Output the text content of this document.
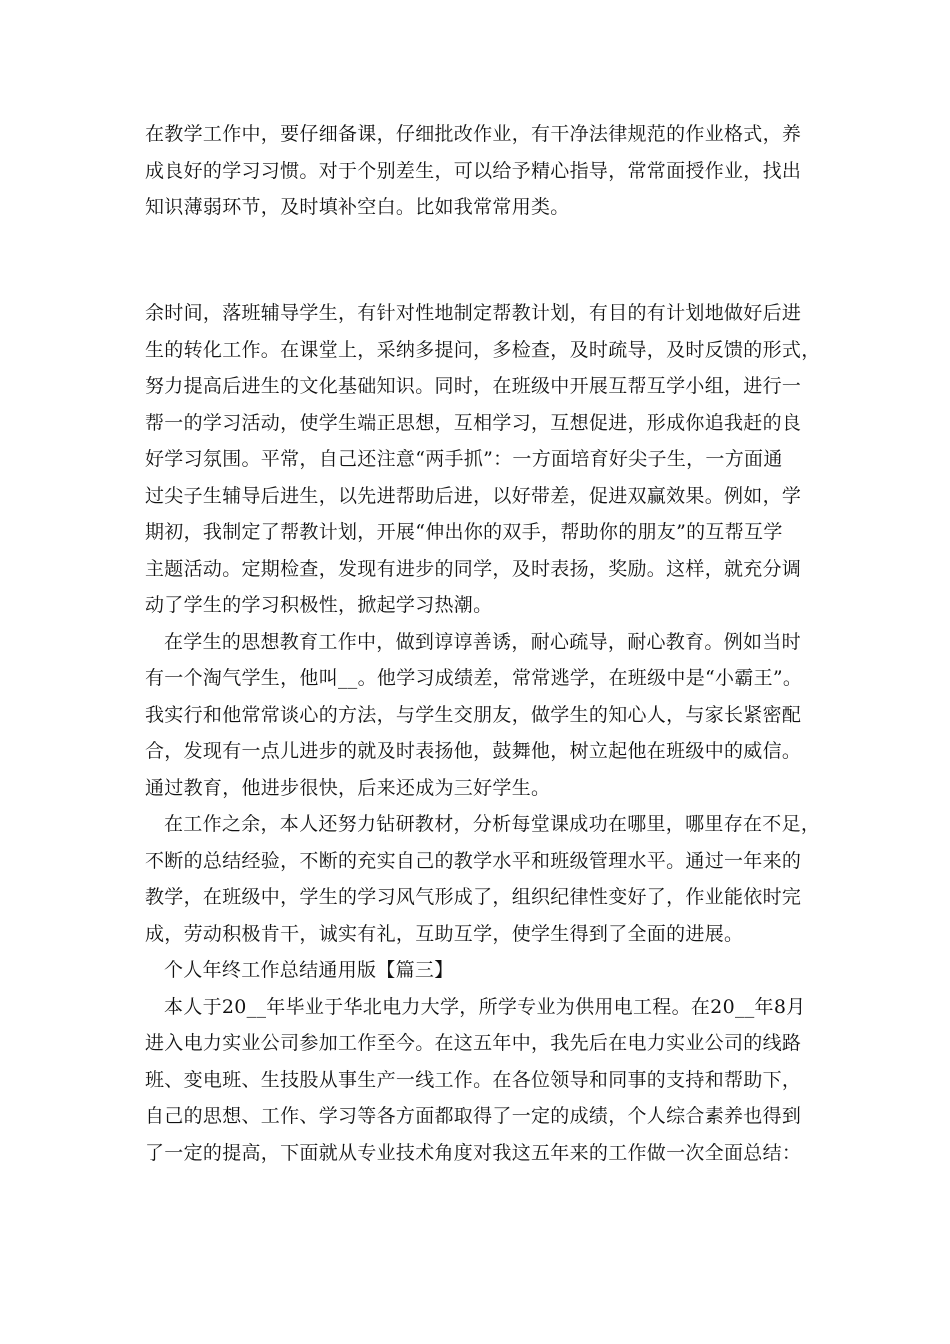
在教学工作中，要仔细备课，仔细批改作业，有干净法律规范的作业格式，养
成良好的学习习惯。对于个别差生，可以给予精心指导，常常面授作业，找出
知识薄弱环节，及时填补空白。比如我常常用类。
余时间，落班辅导学生，有针对性地制定帮教计划，有目的有计划地做好后进
生的转化工作。在课堂上，采纳多提问，多检查，及时疏导，及时反馈的形式，
努力提高后进生的文化基础知识。同时，在班级中开展互帮互学小组，进行一
帮一的学习活动，使学生端正思想，互相学习，互想促进，形成你追我赶的良
好学习氛围。平常，自己还注意“两手抓”：一方面培育好尖子生，一方面通
过尖子生辅导后进生，以先进帮助后进，以好带差，促进双赢效果。例如，学
期初，我制定了帮教计划，开展“伸出你的双手，帮助你的朋友”的互帮互学
主题活动。定期检查，发现有进步的同学，及时表扬，奖励。这样，就充分调
动了学生的学习积极性，掀起学习热潮。
在学生的思想教育工作中，做到谆谆善诱，耐心疏导，耐心教育。例如当时
有一个淘气学生，他叫__。他学习成绩差，常常逃学，在班级中是“小霸王”。
我实行和他常常谈心的方法，与学生交朋友，做学生的知心人，与家长紧密配
合，发现有一点儿进步的就及时表扬他，鼓舞他，树立起他在班级中的威信。
通过教育，他进步很快，后来还成为三好学生。
在工作之余，本人还努力钻研教材，分析每堂课成功在哪里，哪里存在不足，
不断的总结经验，不断的充实自己的教学水平和班级管理水平。通过一年来的
教学，在班级中，学生的学习风气形成了，组织纪律性变好了，作业能依时完
成，劳动积极肯干，诚实有礼，互助互学，使学生得到了全面的进展。
个人年终工作总结通用版【篇三】
本人于20__年毕业于华北电力大学，所学专业为供用电工程。在20__年8月
进入电力实业公司参加工作至今。在这五年中，我先后在电力实业公司的线路
班、变电班、生技股从事生产一线工作。在各位领导和同事的支持和帮助下，
自己的思想、工作、学习等各方面都取得了一定的成绩，个人综合素养也得到
了一定的提高，下面就从专业技术角度对我这五年来的工作做一次全面总结：
